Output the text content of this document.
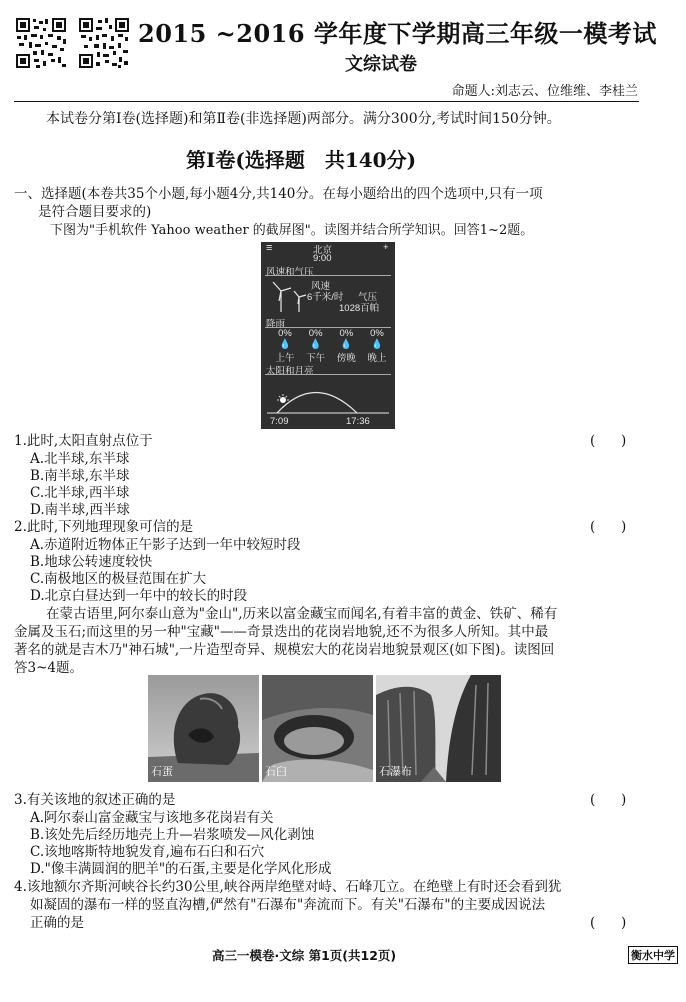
2015 ~2016 学年度下学期高三年级一模考试
文综试卷
命题人:刘志云、位维维、李桂兰
本试卷分第Ⅰ卷(选择题)和第Ⅱ卷(非选择题)两部分。满分300分,考试时间150分钟。
第Ⅰ卷(选择题　共140分)
一、选择题(本卷共35个小题,每小题4分,共140分。在每小题给出的四个选项中,只有一项
是符合题目要求的)
下图为"手机软件 Yahoo weather 的截屏图"。读图并结合所学知识。回答1~2题。
≡	北京
9:00
+
风速和气压
风速
6千米/时 气压
1028百帕
降雨
0%
💧
上午
0%
💧
下午
0%
💧
傍晚
0%
💧
晚上
太阳和月亮
7:09	17:36
1.此时,太阳直射点位于	(      )
A.北半球,东半球
B.南半球,东半球
C.北半球,西半球
D.南半球,西半球
2.此时,下列地理现象可信的是	(      )
A.赤道附近物体正午影子达到一年中较短时段
B.地球公转速度较快
C.南极地区的极昼范围在扩大
D.北京白昼达到一年中的较长的时段
在蒙古语里,阿尔泰山意为"金山",历来以富金藏宝而闻名,有着丰富的黄金、铁矿、稀有
金属及玉石;而这里的另一种"宝藏"——奇景迭出的花岗岩地貌,还不为很多人所知。其中最
著名的就是吉木乃"神石城",一片造型奇异、规模宏大的花岗岩地貌景观区(如下图)。读图回
答3~4题。
石蛋	石臼	石瀑布
3.有关该地的叙述正确的是	(      )
A.阿尔泰山富金藏宝与该地多花岗岩有关
B.该处先后经历地壳上升—岩浆喷发—风化剥蚀
C.该地喀斯特地貌发育,遍布石臼和石穴
D."像丰满圆润的肥羊"的石蛋,主要是化学风化形成
4.该地额尔齐斯河峡谷长约30公里,峡谷两岸绝壁对峙、石峰兀立。在绝壁上有时还会看到犹
如凝固的瀑布一样的竖直沟槽,俨然有"石瀑布"奔流而下。有关"石瀑布"的主要成因说法
正确的是	(      )
高三一模卷·文综 第1页(共12页)	衡水中学
